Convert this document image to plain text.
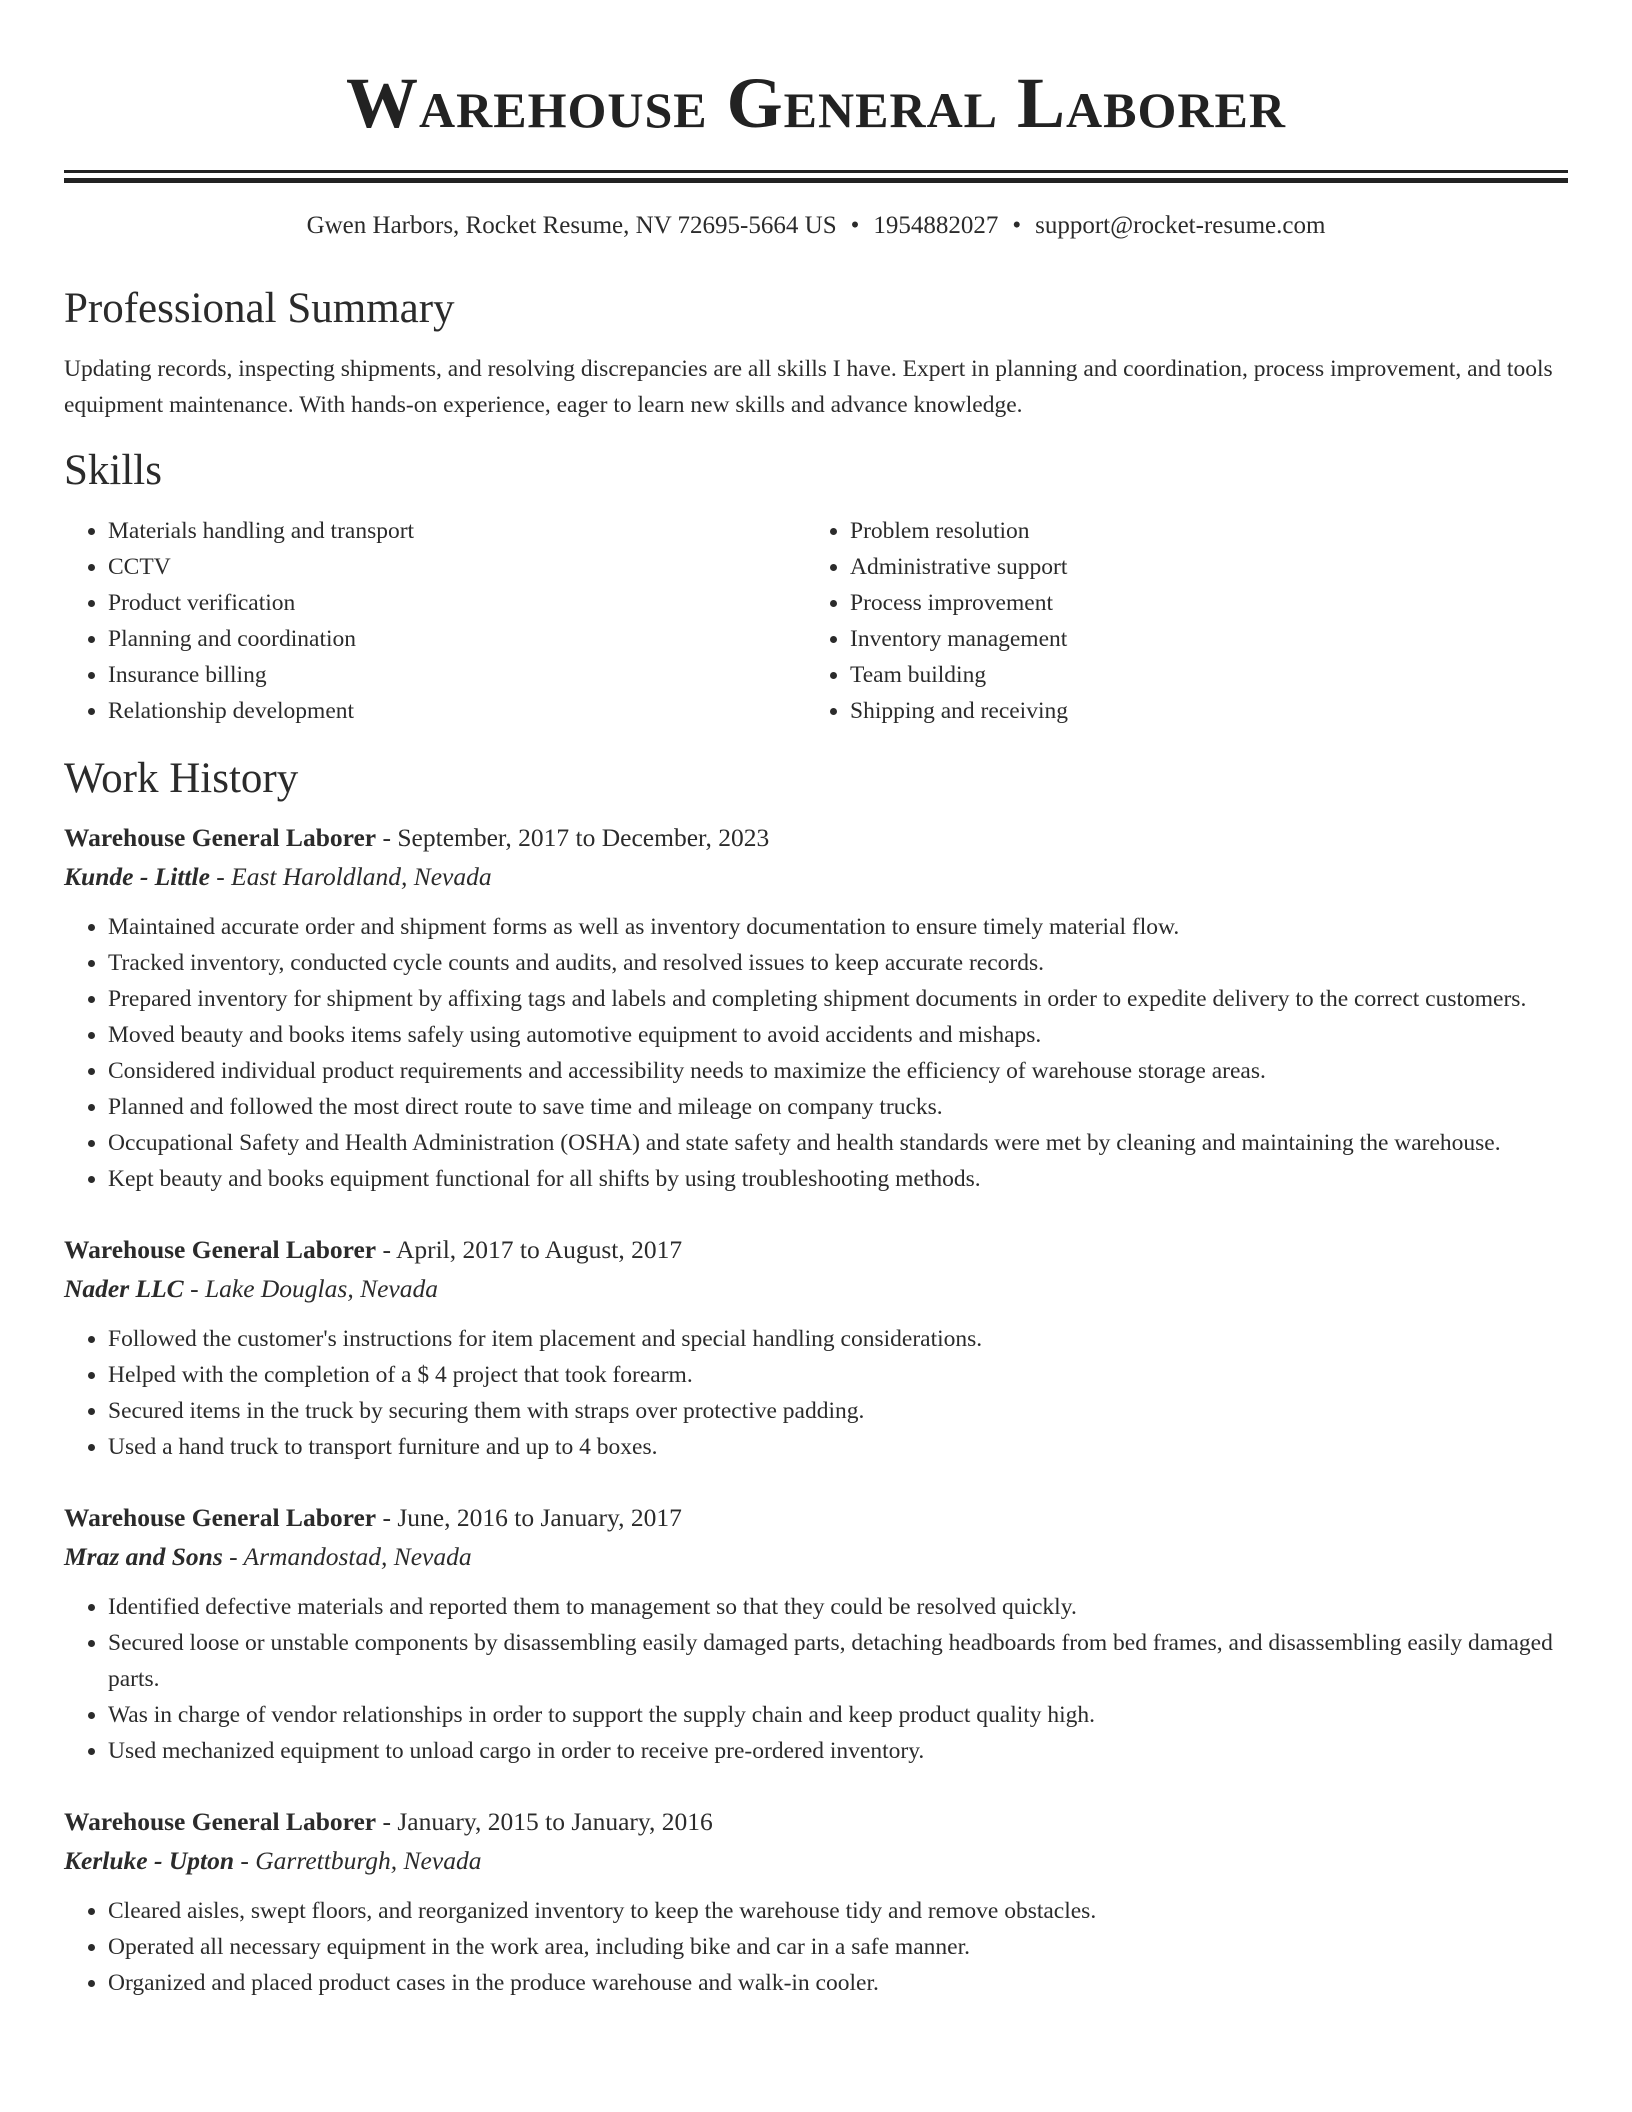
Warehouse General Laborer
Gwen Harbors, Rocket Resume, NV 72695-5664 US • 1954882027 • support@rocket-resume.com
Professional Summary

Updating records, inspecting shipments, and resolving discrepancies are all skills I have. Expert in planning and coordination, process improvement, and tools equipment maintenance. With hands-on experience, eager to learn new skills and advance knowledge.

Skills
• Materials handling and transport
• CCTV
• Product verification
• Planning and coordination
• Insurance billing
• Relationship development
• Problem resolution
• Administrative support
• Process improvement
• Inventory management
• Team building
• Shipping and receiving
Work History
Warehouse General Laborer - September, 2017 to December, 2023
Kunde - Little - East Haroldland, Nevada
• Maintained accurate order and shipment forms as well as inventory documentation to ensure timely material flow.
• Tracked inventory, conducted cycle counts and audits, and resolved issues to keep accurate records.
• Prepared inventory for shipment by affixing tags and labels and completing shipment documents in order to expedite delivery to the correct customers.
• Moved beauty and books items safely using automotive equipment to avoid accidents and mishaps.
• Considered individual product requirements and accessibility needs to maximize the efficiency of warehouse storage areas.
• Planned and followed the most direct route to save time and mileage on company trucks.
• Occupational Safety and Health Administration (OSHA) and state safety and health standards were met by cleaning and maintaining the warehouse.
• Kept beauty and books equipment functional for all shifts by using troubleshooting methods.
Warehouse General Laborer - April, 2017 to August, 2017
Nader LLC - Lake Douglas, Nevada
• Followed the customer's instructions for item placement and special handling considerations.
• Helped with the completion of a $ 4 project that took forearm.
• Secured items in the truck by securing them with straps over protective padding.
• Used a hand truck to transport furniture and up to 4 boxes.
Warehouse General Laborer - June, 2016 to January, 2017
Mraz and Sons - Armandostad, Nevada
• Identified defective materials and reported them to management so that they could be resolved quickly.
• Secured loose or unstable components by disassembling easily damaged parts, detaching headboards from bed frames, and disassembling easily damaged parts.
• Was in charge of vendor relationships in order to support the supply chain and keep product quality high.
• Used mechanized equipment to unload cargo in order to receive pre-ordered inventory.
Warehouse General Laborer - January, 2015 to January, 2016
Kerluke - Upton - Garrettburgh, Nevada
• Cleared aisles, swept floors, and reorganized inventory to keep the warehouse tidy and remove obstacles.
• Operated all necessary equipment in the work area, including bike and car in a safe manner.
• Organized and placed product cases in the produce warehouse and walk-in cooler.
